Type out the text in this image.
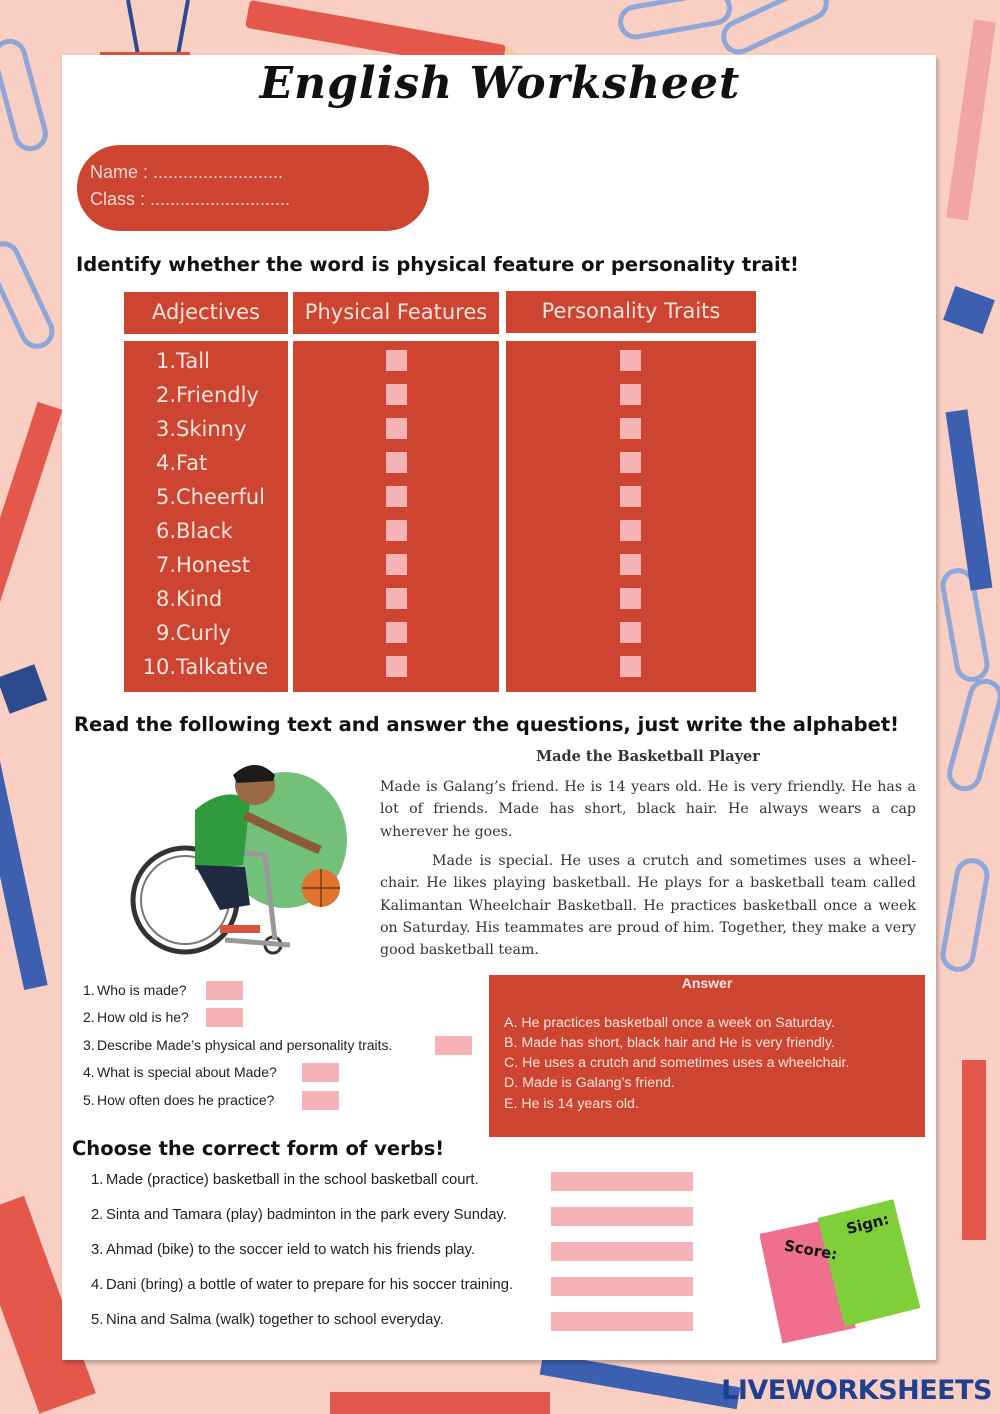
English Worksheet
Name : ..........................
Class : ............................
Identify whether the word is physical feature or personality trait!
Adjectives	Physical Features	Personality Traits
1.Tall
2.Friendly
3.Skinny
4.Fat
5.Cheerful
6.Black
7.Honest
8.Kind
9.Curly
10.Talkative
Read the following text and answer the questions, just write the alphabet!
Made the Basketball Player
Made is Galang’s friend. He is 14 years old. He is very friendly. He has a lot of friends. Made has short, black hair. He always wears a cap wherever he goes.
Made is special. He uses a crutch and sometimes uses a wheel-chair. He likes playing basketball. He plays for a basketball team called Kalimantan Wheelchair Basketball. He practices basketball once a week on Saturday. His teammates are proud of him. Together, they make a very good basketball team.
1. Who is made?
2. How old is he?
3. Describe Made’s physical and personality traits.
4. What is special about Made?
5. How often does he practice?
Answer
A. He practices basketball once a week on Saturday.
B. Made has short, black hair and He is very friendly.
C. He uses a crutch and sometimes uses a wheelchair.
D. Made is Galang’s friend.
E. He is 14 years old.
Choose the correct form of verbs!
1. Made (practice) basketball in the school basketball court.
2. Sinta and Tamara (play) badminton in the park every Sunday.
3. Ahmad (bike) to the soccer ield to watch his friends play.
4. Dani (bring) a bottle of water to prepare for his soccer training.
5. Nina and Salma (walk) together to school everyday.
Score:
Sign:
LIVEWORKSHEETS
